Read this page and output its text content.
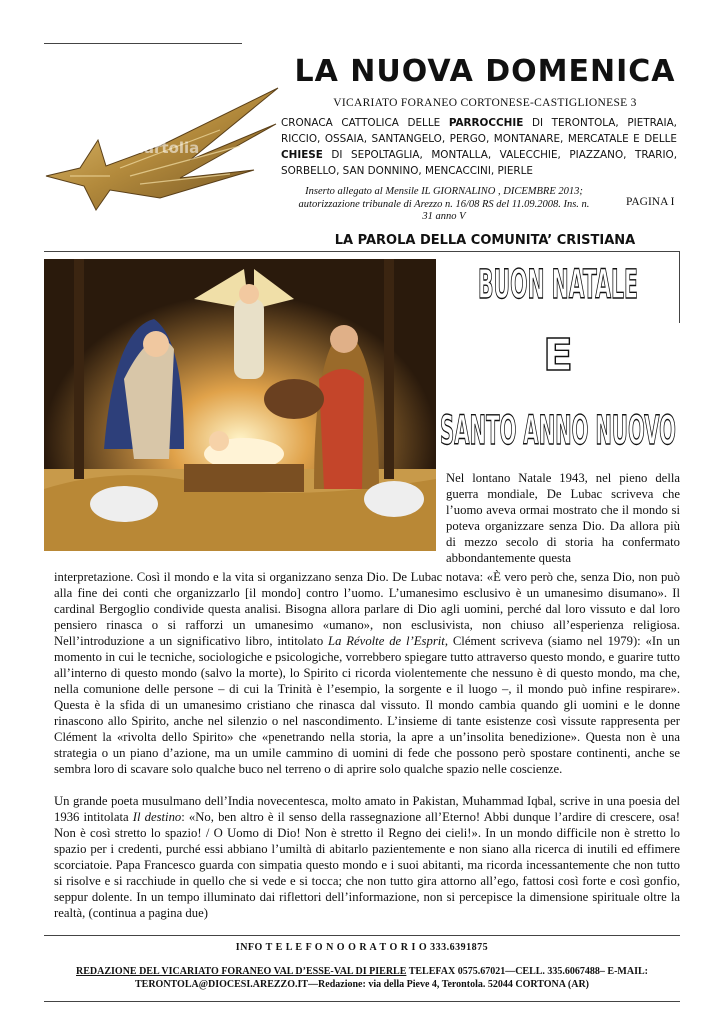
cartolia
LA NUOVA DOMENICA
VICARIATO FORANEO CORTONESE-CASTIGLIONESE 3
CRONACA CATTOLICA DELLE PARROCCHIE DI TERONTOLA, PIETRAIA, RICCIO, OSSAIA, SANTANGELO, PERGO, MONTANARE, MERCATALE E DELLE CHIESE DI SEPOLTAGLIA, MONTALLA, VALECCHIE, PIAZZANO, TRARIO, SORBELLO, SAN DONNINO, MENCACCINI, PIERLE
Inserto allegato al Mensile IL GIORNALINO , DICEMBRE 2013; autorizzazione tribunale di Arezzo n. 16/08 RS del 11.09.2008. Ins. n. 31 anno V
PAGINA I
LA PAROLA DELLA COMUNITA’ CRISTIANA
BUON NATALE
E
SANTO ANNO NUOVO
Nel lontano Natale 1943, nel pieno della guerra mondiale, De Lubac scriveva che l’uomo aveva ormai mostrato che il mondo si poteva organizzare senza Dio. Da allora più di mezzo secolo di storia ha confermato abbondantemente questa

interpretazione. Così il mondo e la vita si organizzano senza Dio. De Lubac notava: «È vero però che, senza Dio, non può alla fine dei conti che organizzarlo [il mondo] contro l’uomo. L’umanesimo esclusivo è un umanesimo disumano». Il cardinal Bergoglio condivide questa analisi. Bisogna allora parlare di Dio agli uomini, perché dal loro vissuto e dal loro pensiero rinasca o si rafforzi un umanesimo «umano», non esclusivista, non chiuso all’esperienza religiosa. Nell’introduzione a un significativo libro, intitolato La Révolte de l’Esprit, Clément scriveva (siamo nel 1979): «In un momento in cui le tecniche, sociologiche e psicologiche, vorrebbero spiegare tutto attraverso questo mondo, e guarire tutto all’interno di questo mondo (salvo la morte), lo Spirito ci ricorda violentemente che nessuno è di questo mondo, ma che, nella comunione delle persone – di cui la Trinità è l’esempio, la sorgente e il luogo –, il mondo può infine respirare». Questa è la sfida di un umanesimo cristiano che rinasca dal vissuto. Il mondo cambia quando gli uomini e le donne rinascono allo Spirito, anche nel silenzio o nel nascondimento. L’insieme di tante esistenze così vissute rappresenta per Clément la «rivolta dello Spirito» che «penetrando nella storia, la apre a un’insolita benedizione». Questa non è una strategia o un piano d’azione, ma un umile cammino di uomini di fede che possono però spostare continenti, anche se sembra loro di scavare solo qualche buco nel terreno o di aprire solo qualche spazio nelle coscienze.

Un grande poeta musulmano dell’India novecentesca, molto amato in Pakistan, Muhammad Iqbal, scrive in una poesia del 1936 intitolata Il destino: «No, ben altro è il senso della rassegnazione all’Eterno! Abbi dunque l’ardire di crescere, osa! Non è così stretto lo spazio! / O Uomo di Dio! Non è stretto il Regno dei cieli!». In un mondo difficile non è stretto lo spazio per i credenti, purché essi abbiano l’umiltà di abitarlo pazientemente e non siano alla ricerca di inutili ed effimere scorciatoie. Papa Francesco guarda con simpatia questo mondo e i suoi abitanti, ma ricorda incessantemente che non tutto si risolve e si racchiude in quello che si vede e si tocca; che non tutto gira attorno all’ego, fattosi così forte e così gonfio, seppur dolente. In un tempo illuminato dai riflettori dell’informazione, non si percepisce la dimensione spirituale oltre la realtà, (continua a pagina due)

INFO T E L E F O N O O R A T O R I O 333.6391875
REDAZIONE DEL VICARIATO FORANEO VAL D’ESSE-VAL DI PIERLE TELEFAX 0575.67021—CELL. 335.6067488– E-MAIL: TERONTOLA@DIOCESI.AREZZO.IT—Redazione: via della Pieve 4, Terontola. 52044 CORTONA (AR)
